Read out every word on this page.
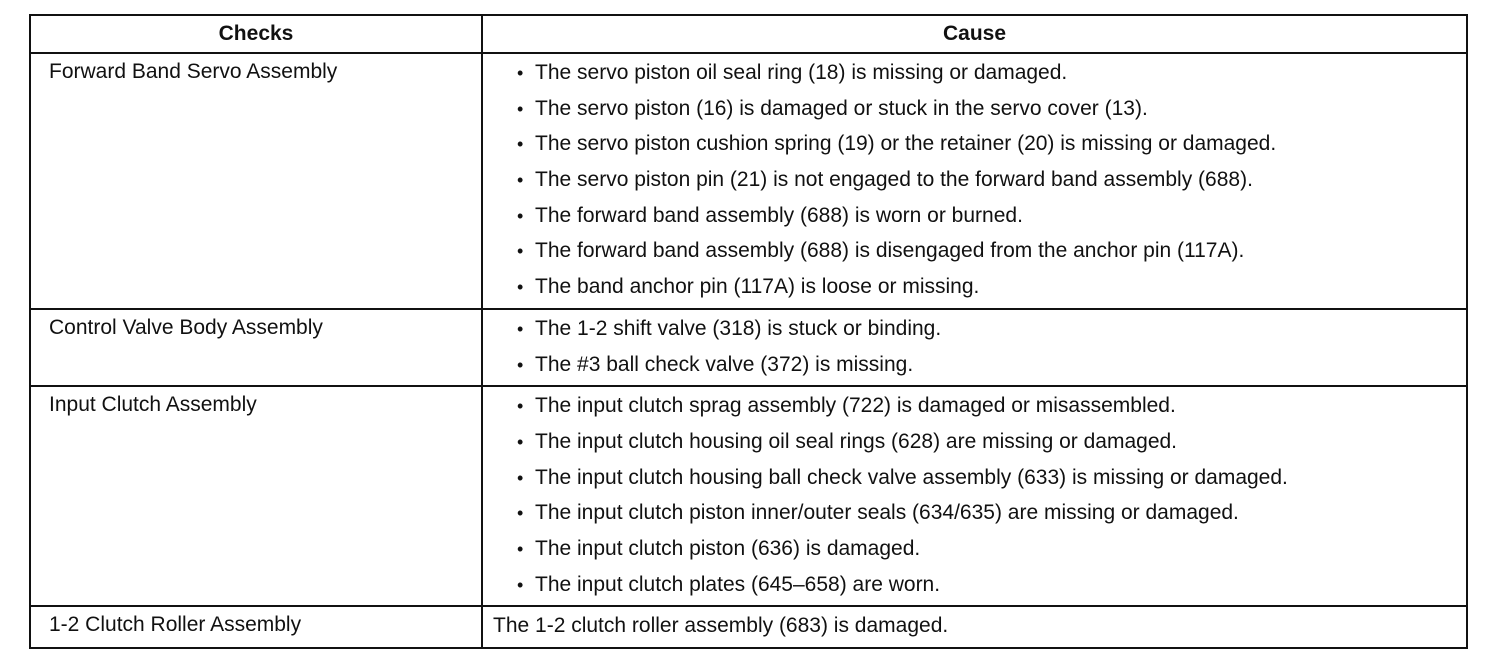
Checks	Cause
Forward Band Servo Assembly	• The servo piston oil seal ring (18) is missing or damaged.
• The servo piston (16) is damaged or stuck in the servo cover (13).
• The servo piston cushion spring (19) or the retainer (20) is missing or damaged.
• The servo piston pin (21) is not engaged to the forward band assembly (688).
• The forward band assembly (688) is worn or burned.
• The forward band assembly (688) is disengaged from the anchor pin (117A).
• The band anchor pin (117A) is loose or missing.
Control Valve Body Assembly	• The 1-2 shift valve (318) is stuck or binding.
• The #3 ball check valve (372) is missing.
Input Clutch Assembly	• The input clutch sprag assembly (722) is damaged or misassembled.
• The input clutch housing oil seal rings (628) are missing or damaged.
• The input clutch housing ball check valve assembly (633) is missing or damaged.
• The input clutch piston inner/outer seals (634/635) are missing or damaged.
• The input clutch piston (636) is damaged.
• The input clutch plates (645–658) are worn.
1-2 Clutch Roller Assembly	The 1-2 clutch roller assembly (683) is damaged.
